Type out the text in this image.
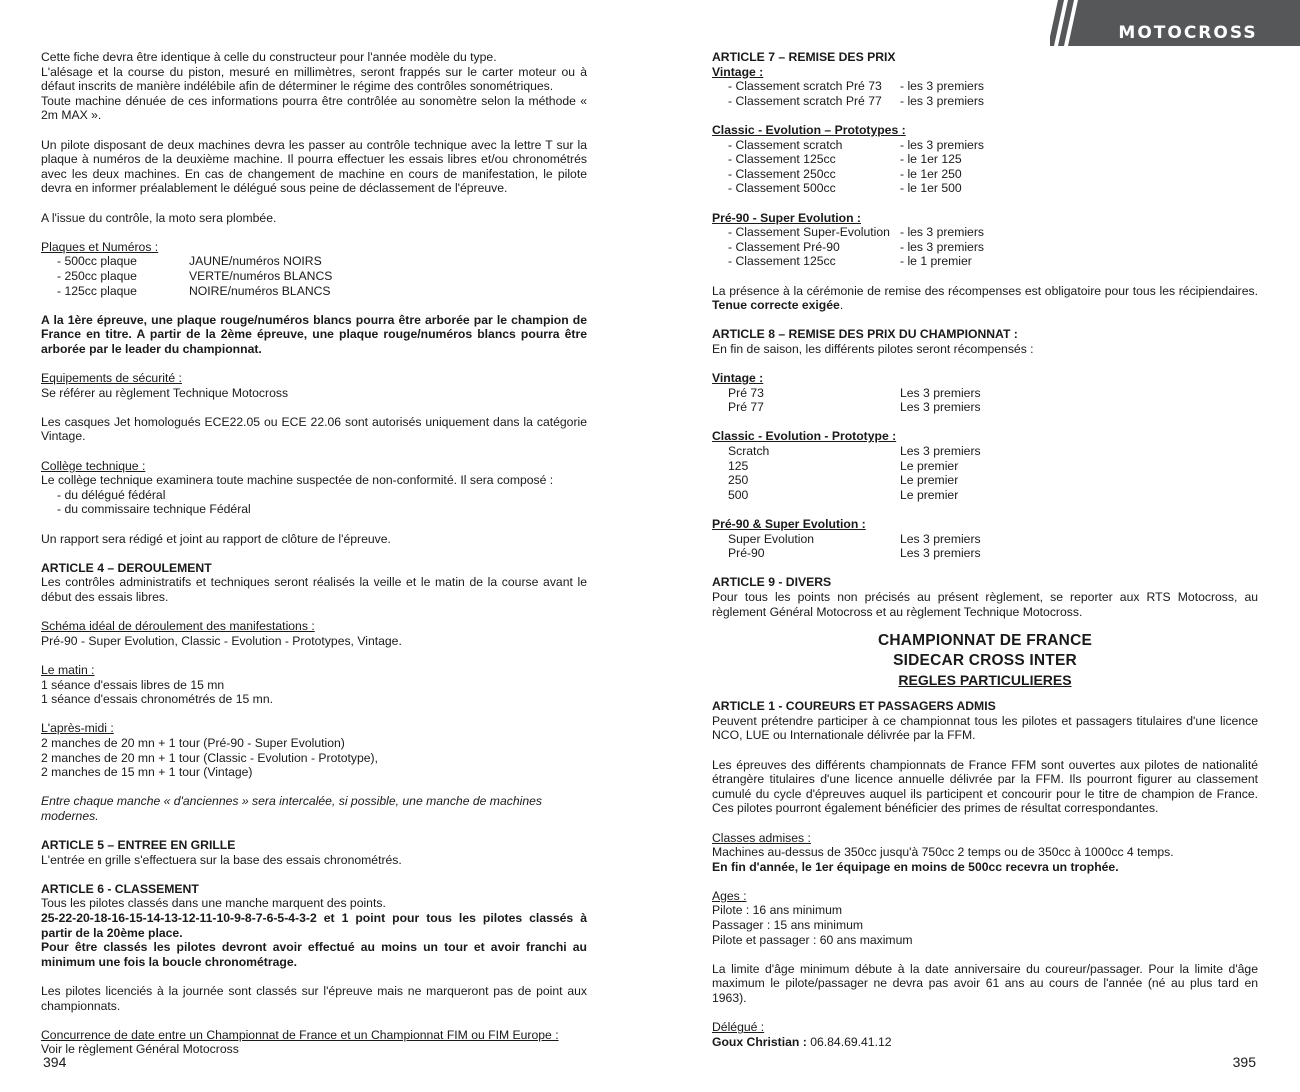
MOTOCROSS

Cette fiche devra être identique à celle du constructeur pour l'année modèle du type.

L'alésage et la course du piston, mesuré en millimètres, seront frappés sur le carter moteur ou à défaut inscrits de manière indélébile afin de déterminer le régime des contrôles sonométriques.

Toute machine dénuée de ces informations pourra être contrôlée au sonomètre selon la méthode « 2m MAX ».

Un pilote disposant de deux machines devra les passer au contrôle technique avec la lettre T sur la plaque à numéros de la deuxième machine. Il pourra effectuer les essais libres et/ou chronométrés avec les deux machines. En cas de changement de machine en cours de manifestation, le pilote devra en informer préalablement le délégué sous peine de déclassement de l'épreuve.

A l'issue du contrôle, la moto sera plombée.

Plaques et Numéros :

- 500cc plaque	JAUNE/numéros NOIRS
- 250cc plaque	VERTE/numéros BLANCS
- 125cc plaque	NOIRE/numéros BLANCS

A la 1ère épreuve, une plaque rouge/numéros blancs pourra être arborée par le champion de France en titre. A partir de la 2ème épreuve, une plaque rouge/numéros blancs pourra être arborée par le leader du championnat.

Equipements de sécurité :

Se référer au règlement Technique Motocross

Les casques Jet homologués ECE22.05 ou ECE 22.06 sont autorisés uniquement dans la catégorie Vintage.

Collège technique :

Le collège technique examinera toute machine suspectée de non-conformité. Il sera composé :

- du délégué fédéral

- du commissaire technique Fédéral

Un rapport sera rédigé et joint au rapport de clôture de l'épreuve.

ARTICLE 4 – DEROULEMENT

Les contrôles administratifs et techniques seront réalisés la veille et le matin de la course avant le début des essais libres.

Schéma idéal de déroulement des manifestations :

Pré-90 - Super Evolution, Classic - Evolution - Prototypes, Vintage.

Le matin :

1 séance d'essais libres de 15 mn

1 séance d'essais chronométrés de 15 mn.

L'après-midi :

2 manches de 20 mn + 1 tour (Pré-90 - Super Evolution)

2 manches de 20 mn + 1 tour (Classic - Evolution - Prototype),

2 manches de 15 mn + 1 tour (Vintage)

Entre chaque manche « d'anciennes » sera intercalée, si possible, une manche de machines modernes.

ARTICLE 5 – ENTREE EN GRILLE

L'entrée en grille s'effectuera sur la base des essais chronométrés.

ARTICLE 6 - CLASSEMENT

Tous les pilotes classés dans une manche marquent des points.

25-22-20-18-16-15-14-13-12-11-10-9-8-7-6-5-4-3-2 et 1 point pour tous les pilotes classés à partir de la 20ème place.

Pour être classés les pilotes devront avoir effectué au moins un tour et avoir franchi au minimum une fois la boucle chronométrage.

Les pilotes licenciés à la journée sont classés sur l'épreuve mais ne marqueront pas de point aux championnats.

Concurrence de date entre un Championnat de France et un Championnat FIM ou FIM Europe :

Voir le règlement Général Motocross

394

ARTICLE 7 – REMISE DES PRIX

Vintage :

- Classement scratch Pré 73	- les 3 premiers
- Classement scratch Pré 77	- les 3 premiers

Classic - Evolution – Prototypes :

- Classement scratch	- les 3 premiers
- Classement 125cc	- le 1er 125
- Classement 250cc	- le 1er 250
- Classement 500cc	- le 1er 500

Pré-90 - Super Evolution :

- Classement Super-Evolution - les 3 premiers
- Classement Pré-90	- les 3 premiers
- Classement 125cc	- le 1 premier

La présence à la cérémonie de remise des récompenses est obligatoire pour tous les récipiendaires. Tenue correcte exigée.

ARTICLE 8 – REMISE DES PRIX DU CHAMPIONNAT :

En fin de saison, les différents pilotes seront récompensés :

Vintage :

Pré 73	Les 3 premiers
Pré 77	Les 3 premiers

Classic - Evolution - Prototype :

Scratch	Les 3 premiers
125	Le premier
250	Le premier
500	Le premier

Pré-90 & Super Evolution :

Super Evolution	Les 3 premiers
Pré-90	Les 3 premiers

ARTICLE 9 - DIVERS

Pour tous les points non précisés au présent règlement, se reporter aux RTS Motocross, au règlement Général Motocross et au règlement Technique Motocross.

CHAMPIONNAT DE FRANCE

SIDECAR CROSS INTER

REGLES PARTICULIERES

ARTICLE 1 - COUREURS ET PASSAGERS ADMIS

Peuvent prétendre participer à ce championnat tous les pilotes et passagers titulaires d'une licence NCO, LUE ou Internationale délivrée par la FFM.

Les épreuves des différents championnats de France FFM sont ouvertes aux pilotes de nationalité étrangère titulaires d'une licence annuelle délivrée par la FFM. Ils pourront figurer au classement cumulé du cycle d'épreuves auquel ils participent et concourir pour le titre de champion de France. Ces pilotes pourront également bénéficier des primes de résultat correspondantes.

Classes admises :

Machines au-dessus de 350cc jusqu'à 750cc 2 temps ou de 350cc à 1000cc 4 temps.

En fin d'année, le 1er équipage en moins de 500cc recevra un trophée.

Ages :

Pilote : 16 ans minimum

Passager : 15 ans minimum

Pilote et passager : 60 ans maximum

La limite d'âge minimum débute à la date anniversaire du coureur/passager. Pour la limite d'âge maximum le pilote/passager ne devra pas avoir 61 ans au cours de l'année (né au plus tard en 1963).

Délégué :

Goux Christian : 06.84.69.41.12

395
